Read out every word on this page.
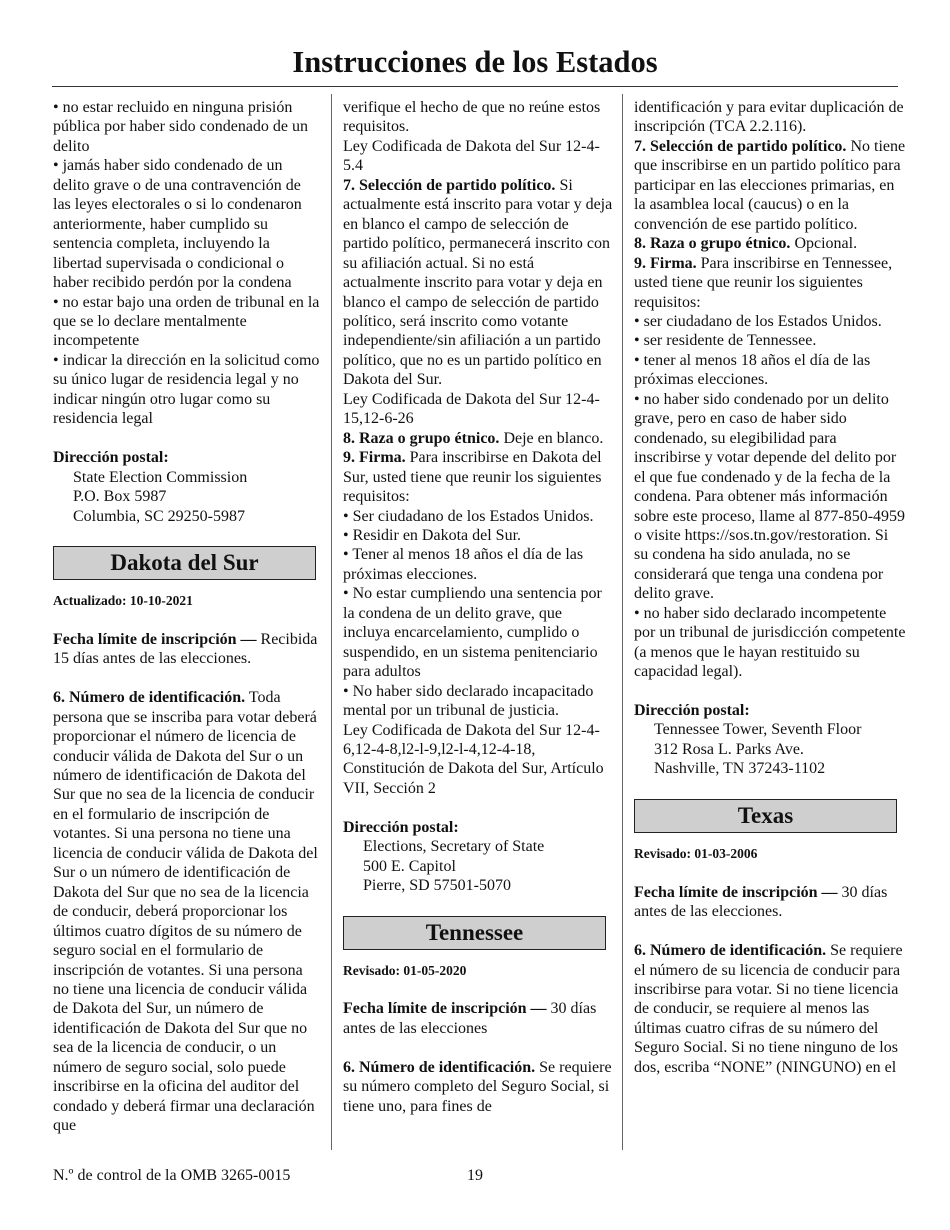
Instrucciones de los Estados

• no estar recluido en ninguna prisión pública por haber sido condenado de un delito

• jamás haber sido condenado de un delito grave o de una contravención de las leyes electorales o si lo condenaron anteriormente, haber cumplido su sentencia completa, incluyendo la libertad supervisada o condicional o haber recibido perdón por la condena

• no estar bajo una orden de tribunal en la que se lo declare mentalmente incompetente

• indicar la dirección en la solicitud como su único lugar de residencia legal y no indicar ningún otro lugar como su residencia legal

Dirección postal:

State Election Commission

P.O. Box 5987

Columbia, SC 29250-5987

Dakota del Sur

Actualizado: 10-10-2021

Fecha límite de inscripción — Recibida 15 días antes de las elecciones.

6. Número de identificación. Toda persona que se inscriba para votar deberá proporcionar el número de licencia de conducir válida de Dakota del Sur o un número de identificación de Dakota del Sur que no sea de la licencia de conducir en el formulario de inscripción de votantes. Si una persona no tiene una licencia de conducir válida de Dakota del Sur o un número de identificación de Dakota del Sur que no sea de la licencia de conducir, deberá proporcionar los últimos cuatro dígitos de su número de seguro social en el formulario de inscripción de votantes. Si una persona no tiene una licencia de conducir válida de Dakota del Sur, un número de identificación de Dakota del Sur que no sea de la licencia de conducir, o un número de seguro social, solo puede inscribirse en la oficina del auditor del condado y deberá firmar una declaración que

verifique el hecho de que no reúne estos requisitos.

Ley Codificada de Dakota del Sur 12-4-5.4

7. Selección de partido político. Si actualmente está inscrito para votar y deja en blanco el campo de selección de partido político, permanecerá inscrito con su afiliación actual. Si no está actualmente inscrito para votar y deja en blanco el campo de selección de partido político, será inscrito como votante independiente/sin afiliación a un partido político, que no es un partido político en Dakota del Sur.

Ley Codificada de Dakota del Sur 12-4-15,12-6-26

8. Raza o grupo étnico. Deje en blanco.

9. Firma. Para inscribirse en Dakota del Sur, usted tiene que reunir los siguientes requisitos:

• Ser ciudadano de los Estados Unidos.

• Residir en Dakota del Sur.

• Tener al menos 18 años el día de las próximas elecciones.

• No estar cumpliendo una sentencia por la condena de un delito grave, que incluya encarcelamiento, cumplido o suspendido, en un sistema penitenciario para adultos

• No haber sido declarado incapacitado mental por un tribunal de justicia.

Ley Codificada de Dakota del Sur 12-4-6,12-4-8,l2-l-9,l2-l-4,12-4-18, Constitución de Dakota del Sur, Artículo VII, Sección 2

Dirección postal:

Elections, Secretary of State

500 E. Capitol

Pierre, SD 57501-5070

Tennessee

Revisado: 01-05-2020

Fecha límite de inscripción — 30 días antes de las elecciones

6. Número de identificación. Se requiere su número completo del Seguro Social, si tiene uno, para fines de

identificación y para evitar duplicación de inscripción (TCA 2.2.116).

7. Selección de partido político. No tiene que inscribirse en un partido político para participar en las elecciones primarias, en la asamblea local (caucus) o en la convención de ese partido político.

8. Raza o grupo étnico. Opcional.

9. Firma. Para inscribirse en Tennessee, usted tiene que reunir los siguientes requisitos:

• ser ciudadano de los Estados Unidos.

• ser residente de Tennessee.

• tener al menos 18 años el día de las próximas elecciones.

• no haber sido condenado por un delito grave, pero en caso de haber sido condenado, su elegibilidad para inscribirse y votar depende del delito por el que fue condenado y de la fecha de la condena. Para obtener más información sobre este proceso, llame al 877-850-4959 o visite https://sos.tn.gov/restoration. Si su condena ha sido anulada, no se considerará que tenga una condena por delito grave.

• no haber sido declarado incompetente por un tribunal de jurisdicción competente (a menos que le hayan restituido su capacidad legal).

Dirección postal:

Tennessee Tower, Seventh Floor

312 Rosa L. Parks Ave.

Nashville, TN 37243-1102

Texas

Revisado: 01-03-2006

Fecha límite de inscripción — 30 días antes de las elecciones.

6. Número de identificación. Se requiere el número de su licencia de conducir para inscribirse para votar. Si no tiene licencia de conducir, se requiere al menos las últimas cuatro cifras de su número del Seguro Social. Si no tiene ninguno de los dos, escriba “NONE” (NINGUNO) en el

N.º de control de la OMB 3265-0015	19
